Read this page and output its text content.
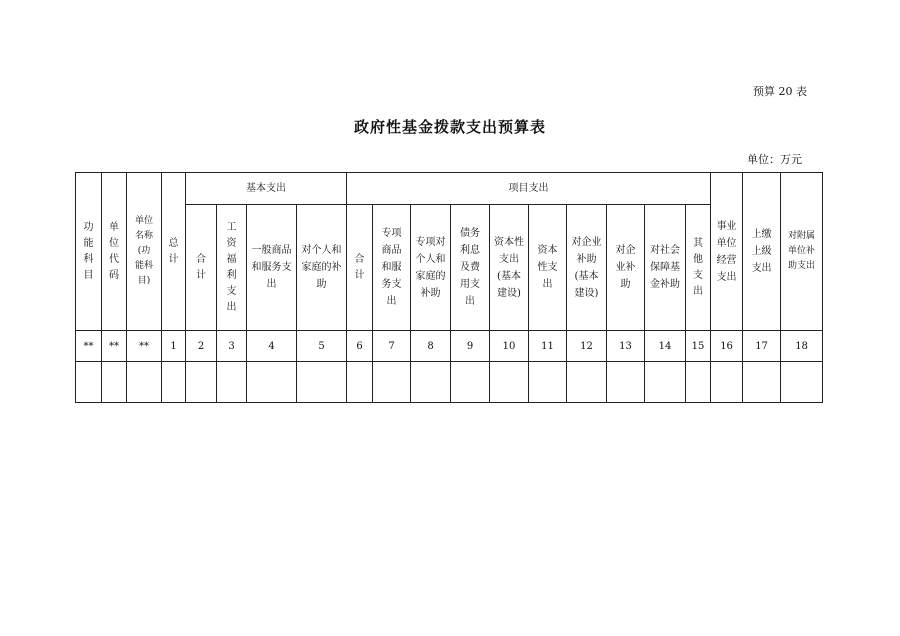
预算 20 表
政府性基金拨款支出预算表
单位：万元
功能科目	单位代码	单位名称(功能科目)	总计	基本支出				项目支出										事业单位经营支出	上缴上级支出	对附属单位补助支出
				合计	工资福利支出	一般商品和服务支出	对个人和家庭的补助	合计	专项商品和服务支出	专项对个人和家庭的补助	债务利息及费用支出	资本性支出(基本建设)	资本性支出	对企业补助(基本建设)	对企业补助	对社会保障基金补助	其他支出			
**	**	**	1	2	3	4	5	6	7	8	9	10	11	12	13	14	15	16	17	18
